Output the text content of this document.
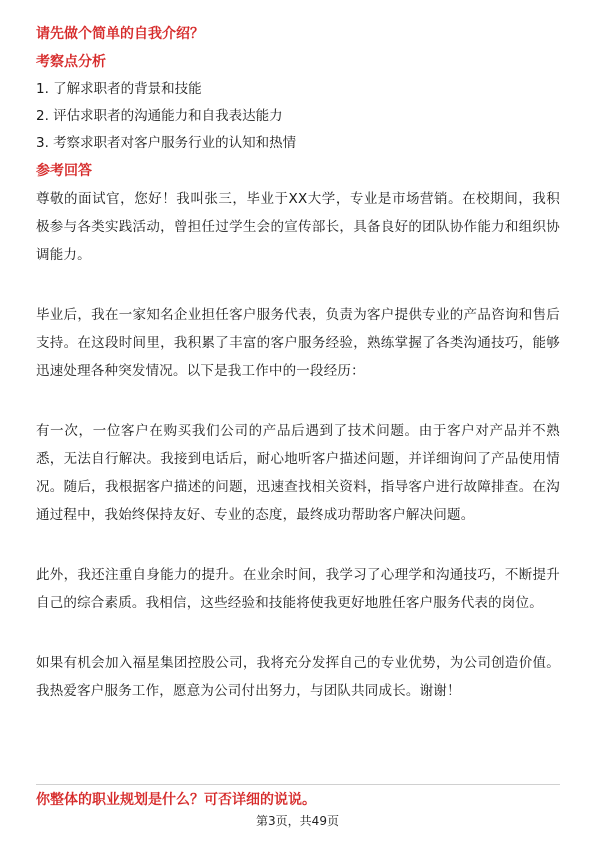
请先做个简单的自我介绍？

考察点分析

1. 了解求职者的背景和技能

2. 评估求职者的沟通能力和自我表达能力

3. 考察求职者对客户服务行业的认知和热情

参考回答

尊敬的面试官，您好！我叫张三，毕业于XX大学，专业是市场营销。在校期间，我积极参与各类实践活动，曾担任过学生会的宣传部长，具备良好的团队协作能力和组织协调能力。

毕业后，我在一家知名企业担任客户服务代表，负责为客户提供专业的产品咨询和售后支持。在这段时间里，我积累了丰富的客户服务经验，熟练掌握了各类沟通技巧，能够迅速处理各种突发情况。以下是我工作中的一段经历：

有一次，一位客户在购买我们公司的产品后遇到了技术问题。由于客户对产品并不熟悉，无法自行解决。我接到电话后，耐心地听客户描述问题，并详细询问了产品使用情况。随后，我根据客户描述的问题，迅速查找相关资料，指导客户进行故障排查。在沟通过程中，我始终保持友好、专业的态度，最终成功帮助客户解决问题。

此外，我还注重自身能力的提升。在业余时间，我学习了心理学和沟通技巧，不断提升自己的综合素质。我相信，这些经验和技能将使我更好地胜任客户服务代表的岗位。

如果有机会加入福星集团控股公司，我将充分发挥自己的专业优势，为公司创造价值。我热爱客户服务工作，愿意为公司付出努力，与团队共同成长。谢谢！

你整体的职业规划是什么？可否详细的说说。

第3页，共49页
